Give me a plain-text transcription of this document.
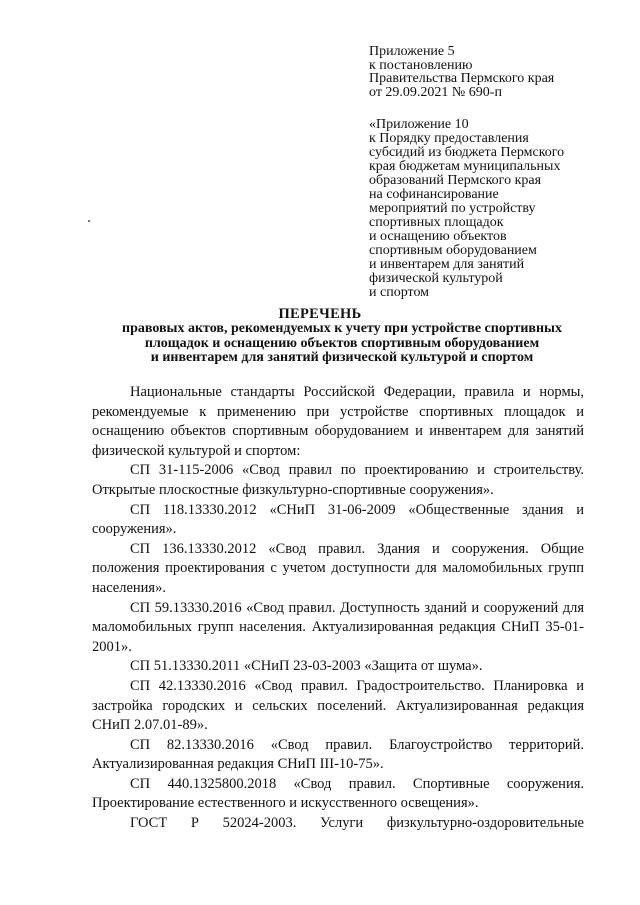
Приложение 5
к постановлению
Правительства Пермского края
от 29.09.2021 № 690-п
«Приложение 10
к Порядку предоставления
субсидий из бюджета Пермского
края бюджетам муниципальных
образований Пермского края
на софинансирование
мероприятий по устройству
спортивных площадок
и оснащению объектов
спортивным оборудованием
и инвентарем для занятий
физической культурой
и спортом
ПЕРЕЧЕНЬ
правовых актов, рекомендуемых к учету при устройстве спортивных
площадок и оснащению объектов спортивным оборудованием
и инвентарем для занятий физической культурой и спортом

Национальные стандарты Российской Федерации, правила и нормы, рекомендуемые к применению при устройстве спортивных площадок и оснащению объектов спортивным оборудованием и инвентарем для занятий физической культурой и спортом:

СП 31-115-2006 «Свод правил по проектированию и строительству. Открытые плоскостные физкультурно-спортивные сооружения».

СП 118.13330.2012 «СНиП 31-06-2009 «Общественные здания и сооружения».

СП 136.13330.2012 «Свод правил. Здания и сооружения. Общие положения проектирования с учетом доступности для маломобильных групп населения».

СП 59.13330.2016 «Свод правил. Доступность зданий и сооружений для маломобильных групп населения. Актуализированная редакция СНиП 35-01-2001».

СП 51.13330.2011 «СНиП 23-03-2003 «Защита от шума».

СП 42.13330.2016 «Свод правил. Градостроительство. Планировка и застройка городских и сельских поселений. Актуализированная редакция СНиП 2.07.01-89».

СП 82.13330.2016 «Свод правил. Благоустройство территорий. Актуализированная редакция СНиП III-10-75».

СП 440.1325800.2018 «Свод правил. Спортивные сооружения. Проектирование естественного и искусственного освещения».

ГОСТ Р 52024-2003. Услуги физкультурно-оздоровительные
